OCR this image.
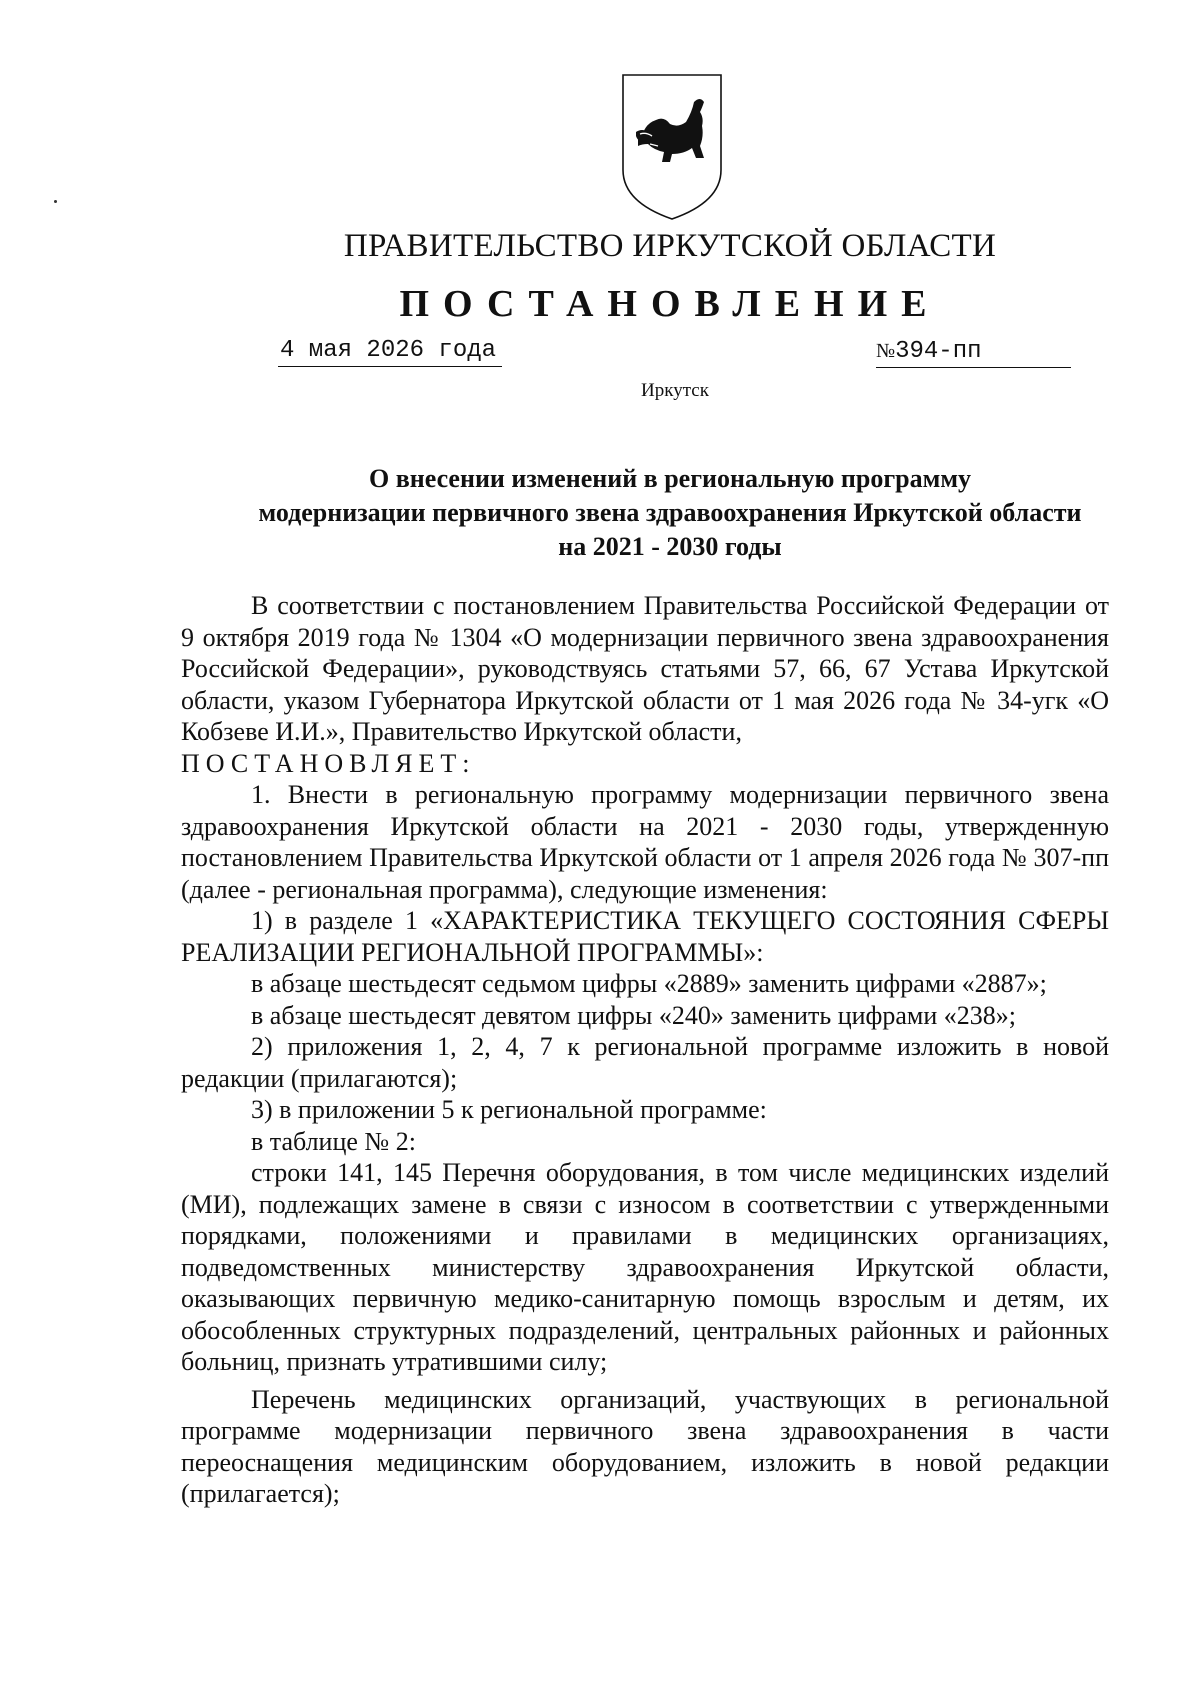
ПРАВИТЕЛЬСТВО ИРКУТСКОЙ ОБЛАСТИ
ПОСТАНОВЛЕНИЕ
4 мая 2026 года	№394-пп
Иркутск
О внесении изменений в региональную программу
модернизации первичного звена здравоохранения Иркутской области
на 2021 - 2030 годы

В соответствии с постановлением Правительства Российской Федерации от 9 октября 2019 года № 1304 «О модернизации первичного звена здравоохранения Российской Федерации», руководствуясь статьями 57, 66, 67 Устава Иркутской области, указом Губернатора Иркутской области от 1 мая 2026 года № 34-угк «О Кобзеве И.И.», Правительство Иркутской области,

ПОСТАНОВЛЯЕТ:

1. Внести в региональную программу модернизации первичного звена здравоохранения Иркутской области на 2021 - 2030 годы, утвержденную постановлением Правительства Иркутской области от 1 апреля 2026 года № 307-пп (далее - региональная программа), следующие изменения:

1) в разделе 1 «ХАРАКТЕРИСТИКА ТЕКУЩЕГО СОСТОЯНИЯ СФЕРЫ РЕАЛИЗАЦИИ РЕГИОНАЛЬНОЙ ПРОГРАММЫ»:

в абзаце шестьдесят седьмом цифры «2889» заменить цифрами «2887»;

в абзаце шестьдесят девятом цифры «240» заменить цифрами «238»;

2) приложения 1, 2, 4, 7 к региональной программе изложить в новой редакции (прилагаются);

3) в приложении 5 к региональной программе:

в таблице № 2:

строки 141, 145 Перечня оборудования, в том числе медицинских изделий (МИ), подлежащих замене в связи с износом в соответствии с утвержденными порядками, положениями и правилами в медицинских организациях, подведомственных министерству здравоохранения Иркутской области, оказывающих первичную медико-санитарную помощь взрослым и детям, их обособленных структурных подразделений, центральных районных и районных больниц, признать утратившими силу;

Перечень медицинских организаций, участвующих в региональной программе модернизации первичного звена здравоохранения в части переоснащения медицинским оборудованием, изложить в новой редакции (прилагается);
